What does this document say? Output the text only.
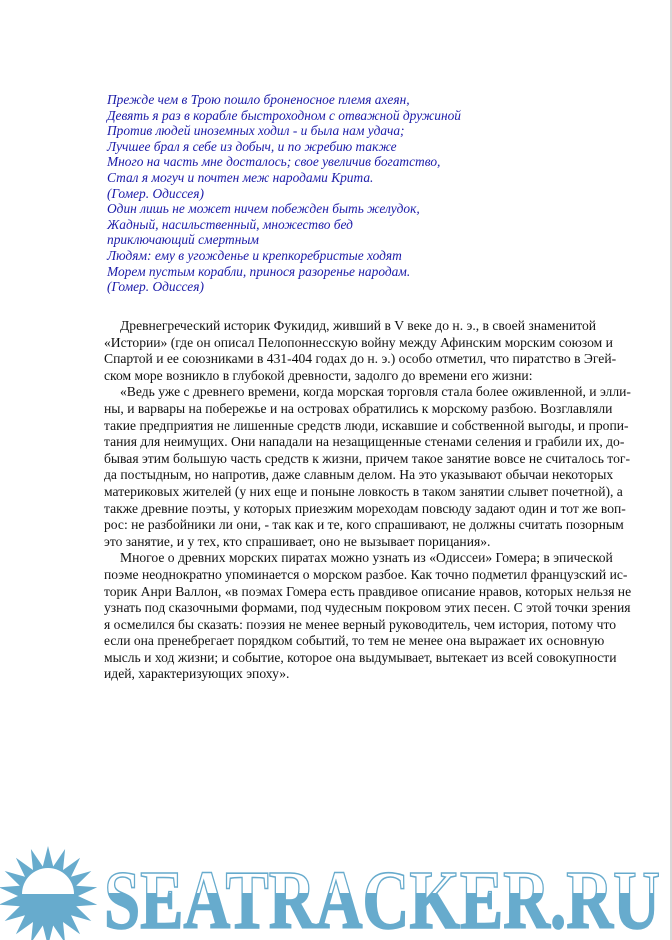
Прежде чем в Трою пошло броненосное племя ахеян,
Девять я раз в корабле быстроходном с отважной дружиной
Против людей иноземных ходил - и была нам удача;
Лучшее брал я себе из добыч, и по жребию также
Много на часть мне досталось; свое увеличив богатство,
Стал я могуч и почтен меж народами Крита.
(Гомер. Одиссея)
Один лишь не может ничем побежден быть желудок,
Жадный, насильственный, множество бед
приключающий смертным
Людям: ему в угожденье и крепкоребристые ходят
Морем пустым корабли, принося разоренье народам.
(Гомер. Одиссея)
Древнегреческий историк Фукидид, живший в V веке до н. э., в своей знаменитой
«Истории» (где он описал Пелопоннесскую войну между Афинским морским союзом и
Спартой и ее союзниками в 431-404 годах до н. э.) особо отметил, что пиратство в Эгей-
ском море возникло в глубокой древности, задолго до времени его жизни:
«Ведь уже с древнего времени, когда морская торговля стала более оживленной, и элли-
ны, и варвары на побережье и на островах обратились к морскому разбою. Возглавляли
такие предприятия не лишенные средств люди, искавшие и собственной выгоды, и пропи-
тания для неимущих. Они нападали на незащищенные стенами селения и грабили их, до-
бывая этим большую часть средств к жизни, причем такое занятие вовсе не считалось тог-
да постыдным, но напротив, даже славным делом. На это указывают обычаи некоторых
материковых жителей (у них еще и поныне ловкость в таком занятии слывет почетной), а
также древние поэты, у которых приезжим мореходам повсюду задают один и тот же воп-
рос: не разбойники ли они, - так как и те, кого спрашивают, не должны считать позорным
это занятие, и у тех, кто спрашивает, оно не вызывает порицания».
Многое о древних морских пиратах можно узнать из «Одиссеи» Гомера; в эпической
поэме неоднократно упоминается о морском разбое. Как точно подметил французский ис-
торик Анри Валлон, «в поэмах Гомера есть правдивое описание нравов, которых нельзя не
узнать под сказочными формами, под чудесным покровом этих песен. С этой точки зрения
я осмелился бы сказать: поэзия не менее верный руководитель, чем история, потому что
если она пренебрегает порядком событий, то тем не менее она выражает их основную
мысль и ход жизни; и событие, которое она выдумывает, вытекает из всей совокупности
идей, характеризующих эпоху».
SEATRACKER.RU
